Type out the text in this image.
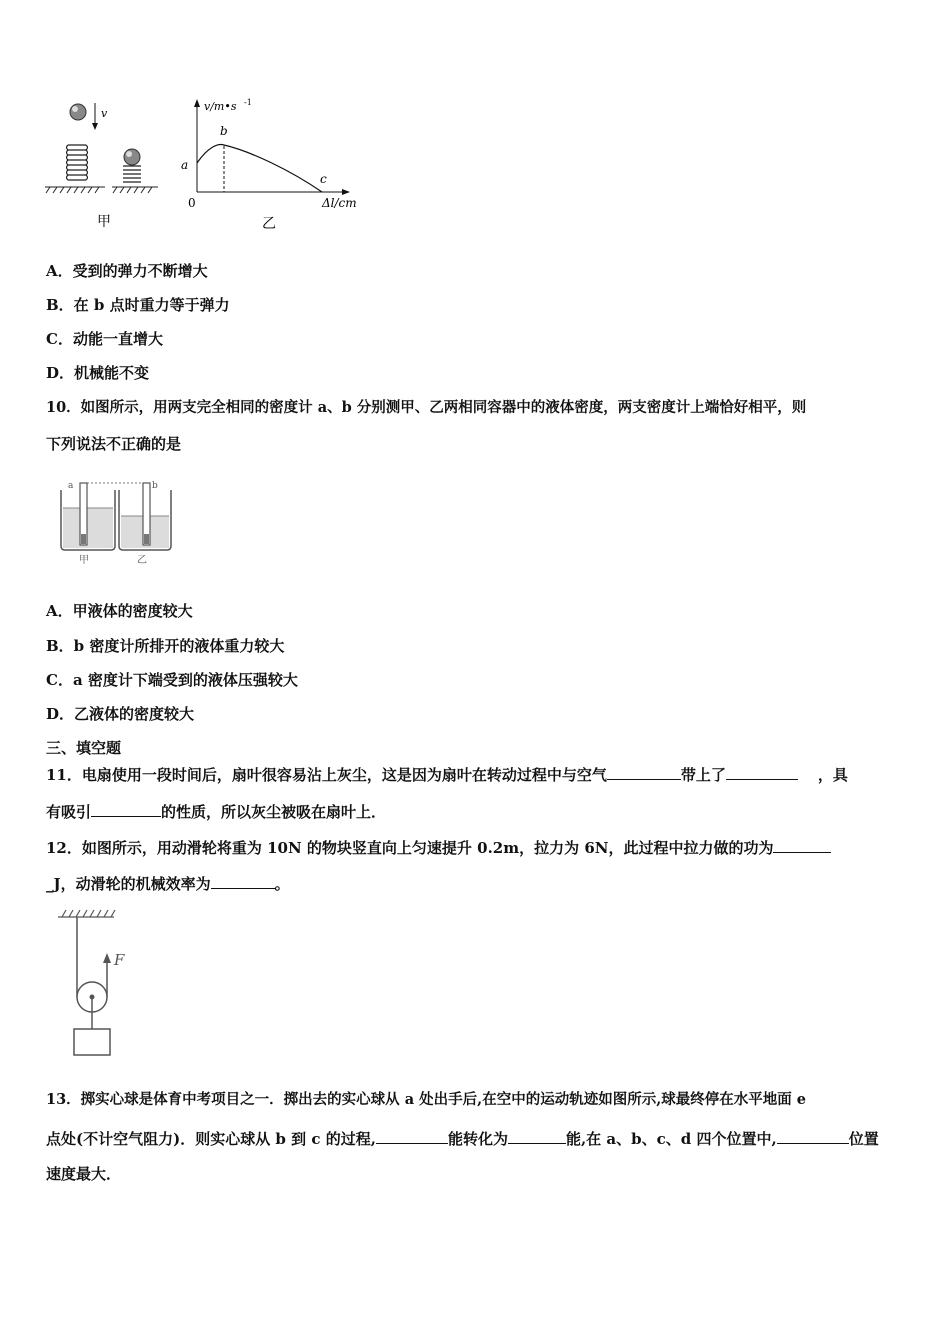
v
甲
v/m•s -1
b
a
c
0	Δl/cm
乙
A．受到的弹力不断增大
B．在 b 点时重力等于弹力
C．动能一直增大
D．机械能不变
10．如图所示，用两支完全相同的密度计 a、b 分别测甲、乙两相同容器中的液体密度，两支密度计上端恰好相平，则
下列说法不正确的是
a	b
甲	乙
A．甲液体的密度较大
B．b 密度计所排开的液体重力较大
C．a 密度计下端受到的液体压强较大
D．乙液体的密度较大
三、填空题
11．电扇使用一段时间后，扇叶很容易沾上灰尘，这是因为扇叶在转动过程中与空气	带上了	，具
有吸引	的性质，所以灰尘被吸在扇叶上．
12．如图所示，用动滑轮将重为 10N 的物块竖直向上匀速提升 0.2m，拉力为 6N，此过程中拉力做的功为
_J，动滑轮的机械效率为	。
F
13．掷实心球是体育中考项目之一．掷出去的实心球从 a 处出手后,在空中的运动轨迹如图所示,球最终停在水平地面 e
点处(不计空气阻力)．则实心球从 b 到 c 的过程,	能转化为	能,在 a、b、c、d 四个位置中,	位置
速度最大．
